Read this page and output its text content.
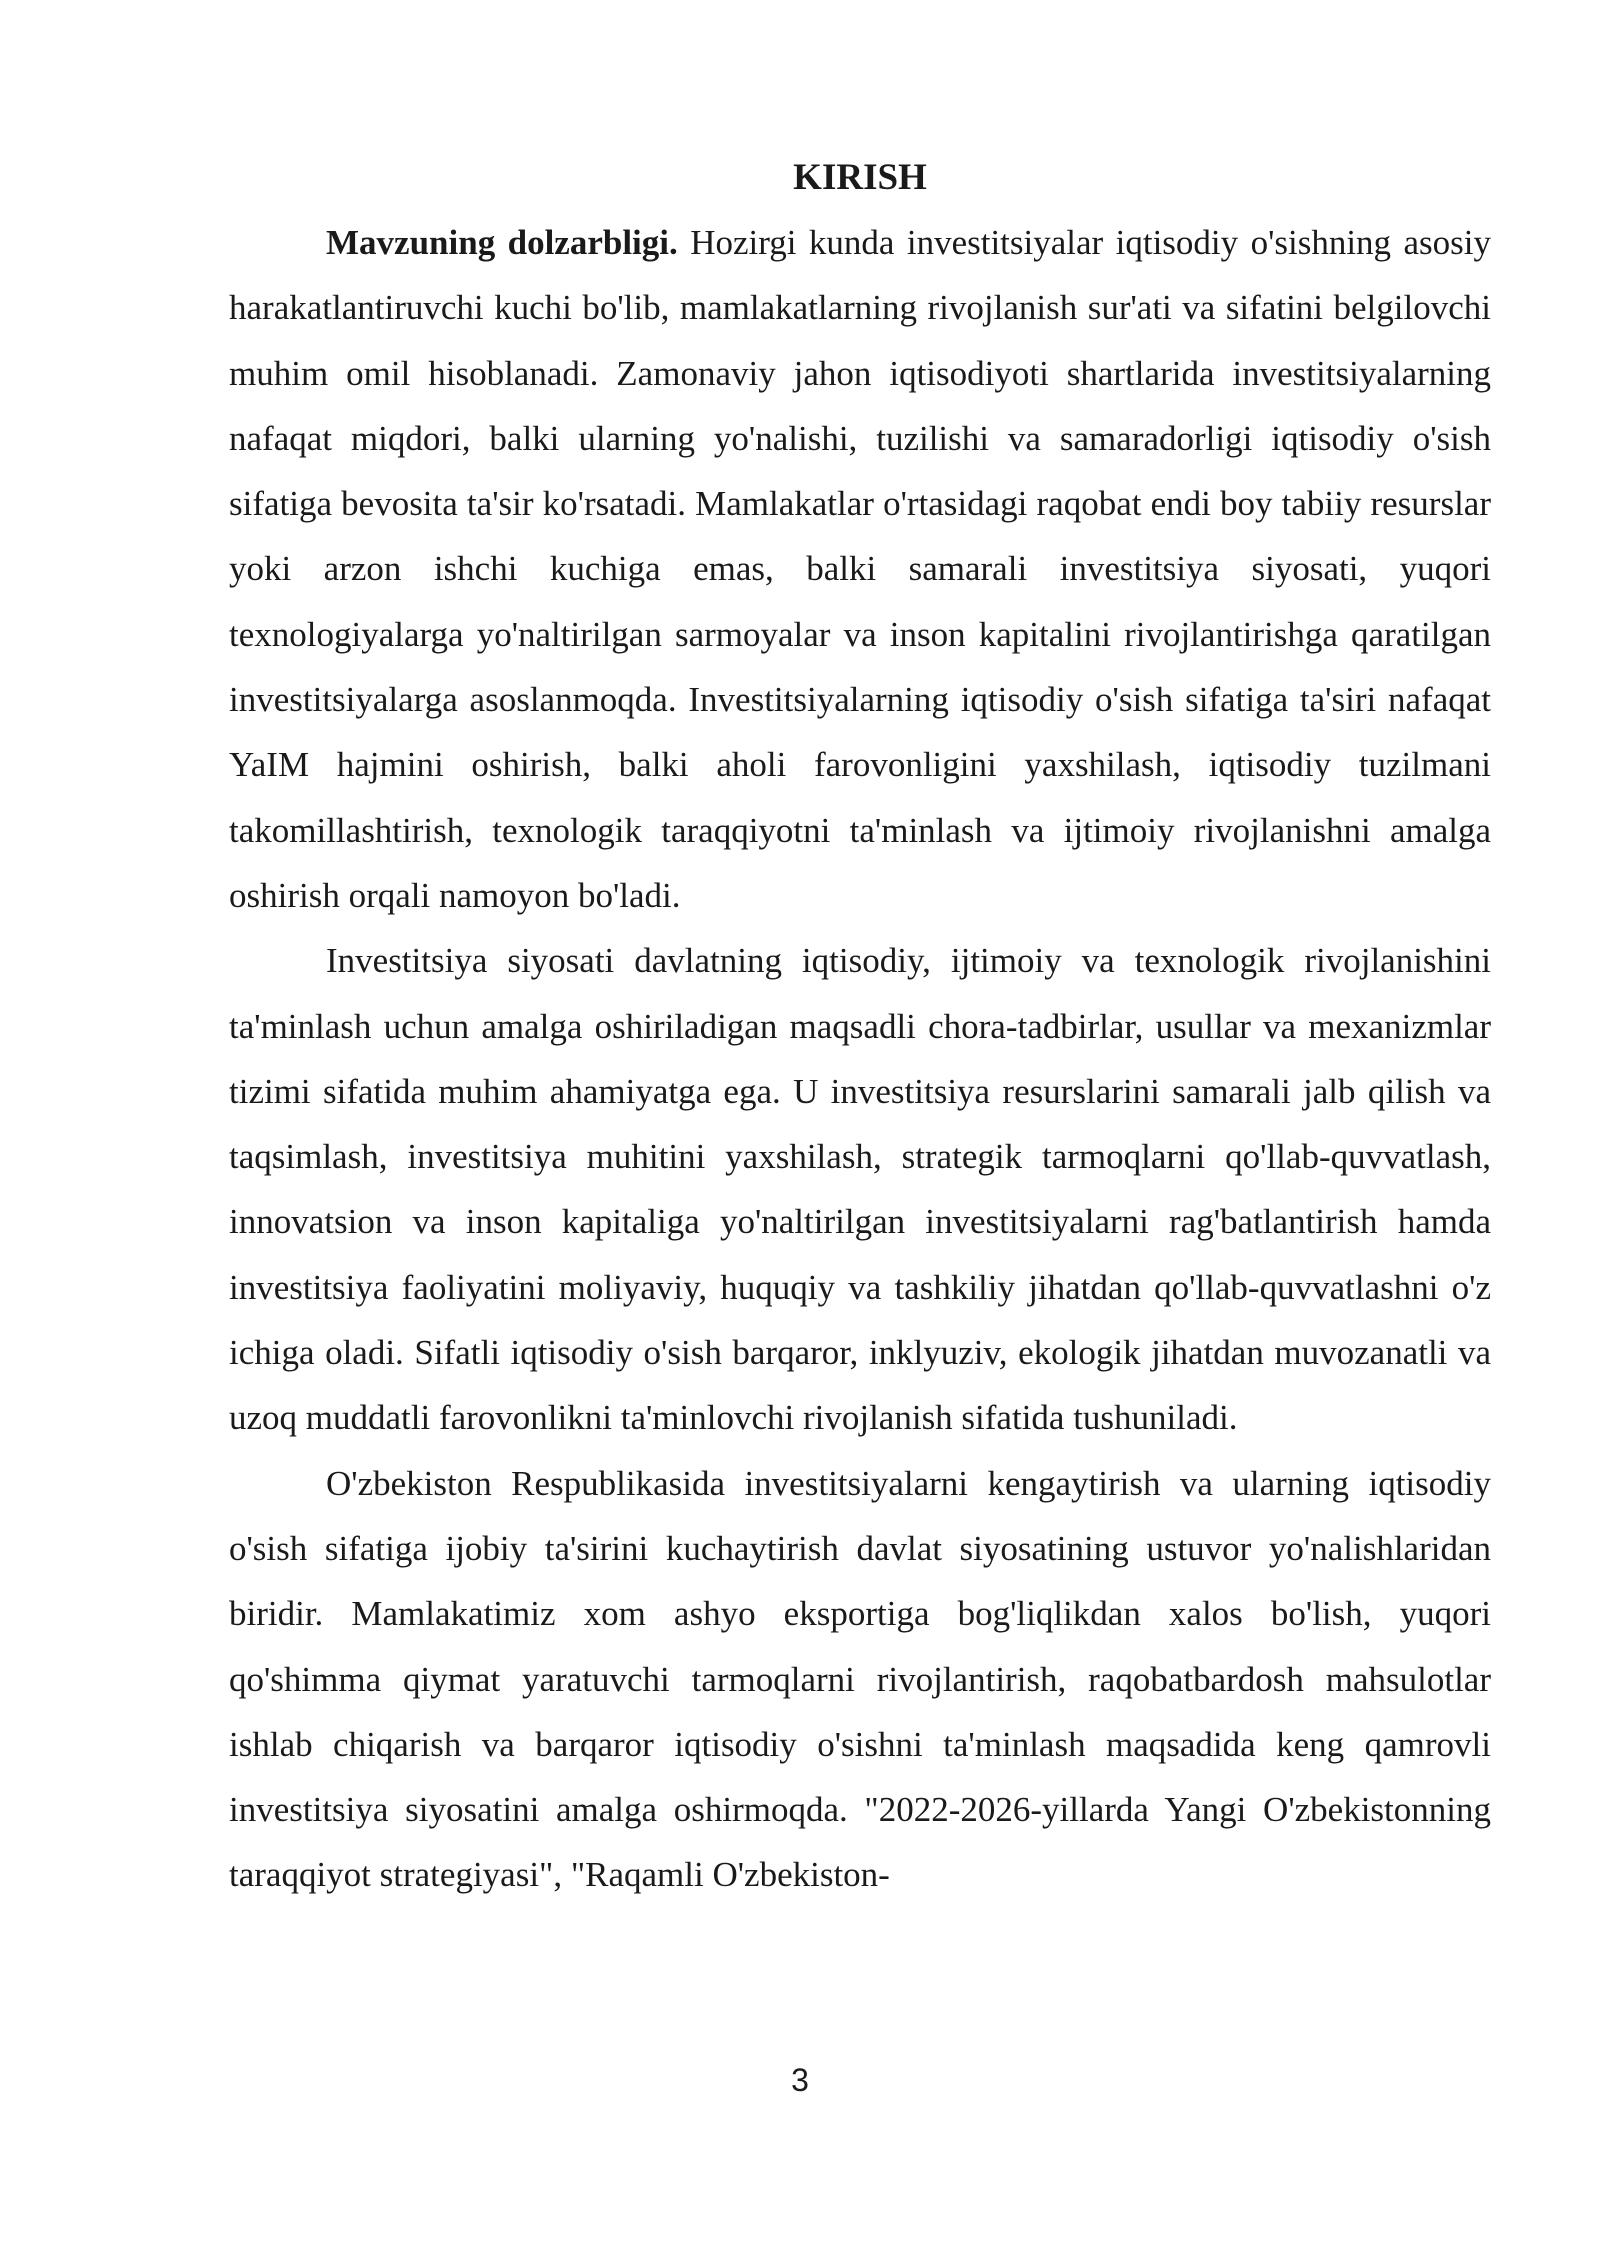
KIRISH

Mavzuning dolzarbligi. Hozirgi kunda investitsiyalar iqtisodiy o'sishning asosiy harakatlantiruvchi kuchi bo'lib, mamlakatlarning rivojlanish sur'ati va sifatini belgilovchi muhim omil hisoblanadi. Zamonaviy jahon iqtisodiyoti shartlarida investitsiyalarning nafaqat miqdori, balki ularning yo'nalishi, tuzilishi va samaradorligi iqtisodiy o'sish sifatiga bevosita ta'sir ko'rsatadi. Mamlakatlar o'rtasidagi raqobat endi boy tabiiy resurslar yoki arzon ishchi kuchiga emas, balki samarali investitsiya siyosati, yuqori texnologiyalarga yo'naltirilgan sarmoyalar va inson kapitalini rivojlantirishga qaratilgan investitsiyalarga asoslanmoqda. Investitsiyalarning iqtisodiy o'sish sifatiga ta'siri nafaqat YaIM hajmini oshirish, balki aholi farovonligini yaxshilash, iqtisodiy tuzilmani takomillashtirish, texnologik taraqqiyotni ta'minlash va ijtimoiy rivojlanishni amalga oshirish orqali namoyon bo'ladi.

Investitsiya siyosati davlatning iqtisodiy, ijtimoiy va texnologik rivojlanishini ta'minlash uchun amalga oshiriladigan maqsadli chora-tadbirlar, usullar va mexanizmlar tizimi sifatida muhim ahamiyatga ega. U investitsiya resurslarini samarali jalb qilish va taqsimlash, investitsiya muhitini yaxshilash, strategik tarmoqlarni qo'llab-quvvatlash, innovatsion va inson kapitaliga yo'naltirilgan investitsiyalarni rag'batlantirish hamda investitsiya faoliyatini moliyaviy, huquqiy va tashkiliy jihatdan qo'llab-quvvatlashni o'z ichiga oladi. Sifatli iqtisodiy o'sish barqaror, inklyuziv, ekologik jihatdan muvozanatli va uzoq muddatli farovonlikni ta'minlovchi rivojlanish sifatida tushuniladi.

O'zbekiston Respublikasida investitsiyalarni kengaytirish va ularning iqtisodiy o'sish sifatiga ijobiy ta'sirini kuchaytirish davlat siyosatining ustuvor yo'nalishlaridan biridir. Mamlakatimiz xom ashyo eksportiga bog'liqlikdan xalos bo'lish, yuqori qo'shimma qiymat yaratuvchi tarmoqlarni rivojlantirish, raqobatbardosh mahsulotlar ishlab chiqarish va barqaror iqtisodiy o'sishni ta'minlash maqsadida keng qamrovli investitsiya siyosatini amalga oshirmoqda. "2022-2026-yillarda Yangi O'zbekistonning taraqqiyot strategiyasi", "Raqamli O'zbekiston-

3
